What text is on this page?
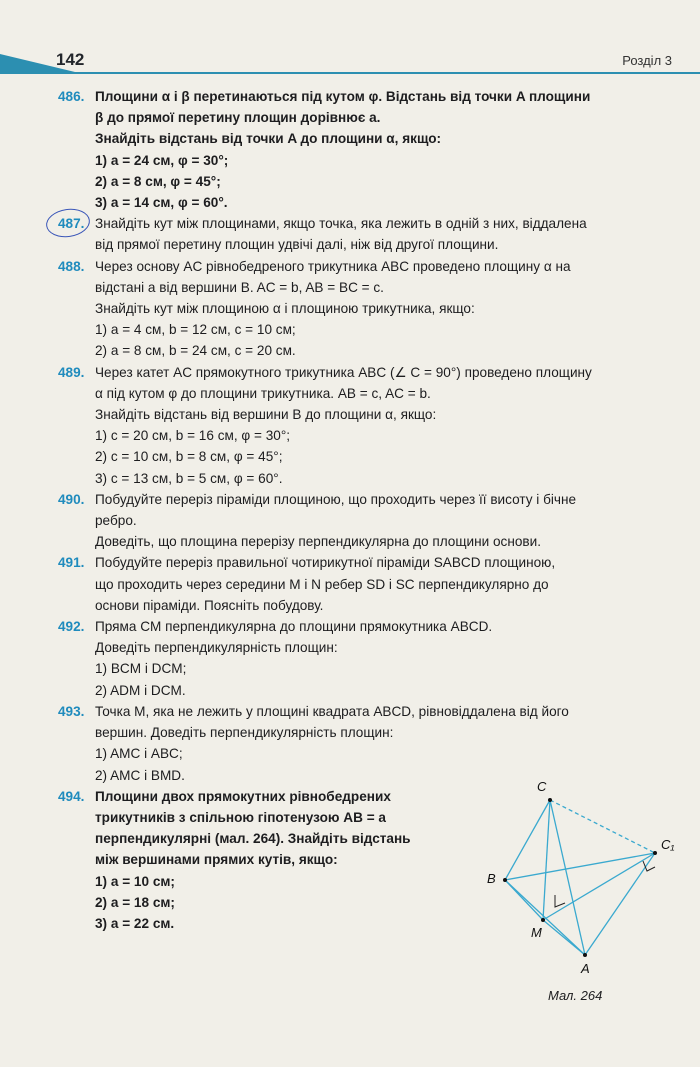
142	Розділ 3
486. Площини α і β перетинаються під кутом φ. Відстань від точки A площини
β до прямої перетину площин дорівнює a.
Знайдіть відстань від точки A до площини α, якщо:
1) a = 24 см, φ = 30°;
2) a = 8 см, φ = 45°;
3) a = 14 см, φ = 60°.
487. Знайдіть кут між площинами, якщо точка, яка лежить в одній з них, віддалена
від прямої перетину площин удвічі далі, ніж від другої площини.
488. Через основу AC рівнобедреного трикутника ABC проведено площину α на
відстані a від вершини B. AC = b, AB = BC = c.
Знайдіть кут між площиною α і площиною трикутника, якщо:
1) a = 4 см, b = 12 см, c = 10 см;
2) a = 8 см, b = 24 см, c = 20 см.
489. Через катет AC прямокутного трикутника ABC (∠ C = 90°) проведено площину
α під кутом φ до площини трикутника. AB = c, AC = b.
Знайдіть відстань від вершини B до площини α, якщо:
1) c = 20 см, b = 16 см, φ = 30°;
2) c = 10 см, b = 8 см, φ = 45°;
3) c = 13 см, b = 5 см, φ = 60°.
490. Побудуйте переріз піраміди площиною, що проходить через її висоту і бічне
ребро.
Доведіть, що площина перерізу перпендикулярна до площини основи.
491. Побудуйте переріз правильної чотирикутної піраміди SABCD площиною,
що проходить через середини M і N ребер SD і SC перпендикулярно до
основи піраміди. Поясніть побудову.
492. Пряма CM перпендикулярна до площини прямокутника ABCD.
Доведіть перпендикулярність площин:
1) BCM і DCM;
2) ADM і DCM.
493. Точка M, яка не лежить у площині квадрата ABCD, рівновіддалена від його
вершин. Доведіть перпендикулярність площин:
1) AMC і ABC;
2) AMC і BMD.
494. Площини двох прямокутних рівнобедрених
трикутників з спільною гіпотенузою AB = a
перпендикулярні (мал. 264). Знайдіть відстань
між вершинами прямих кутів, якщо:
1) a = 10 см;
2) a = 18 см;
3) a = 22 см.
C
C₁
B
M
A
Мал. 264
